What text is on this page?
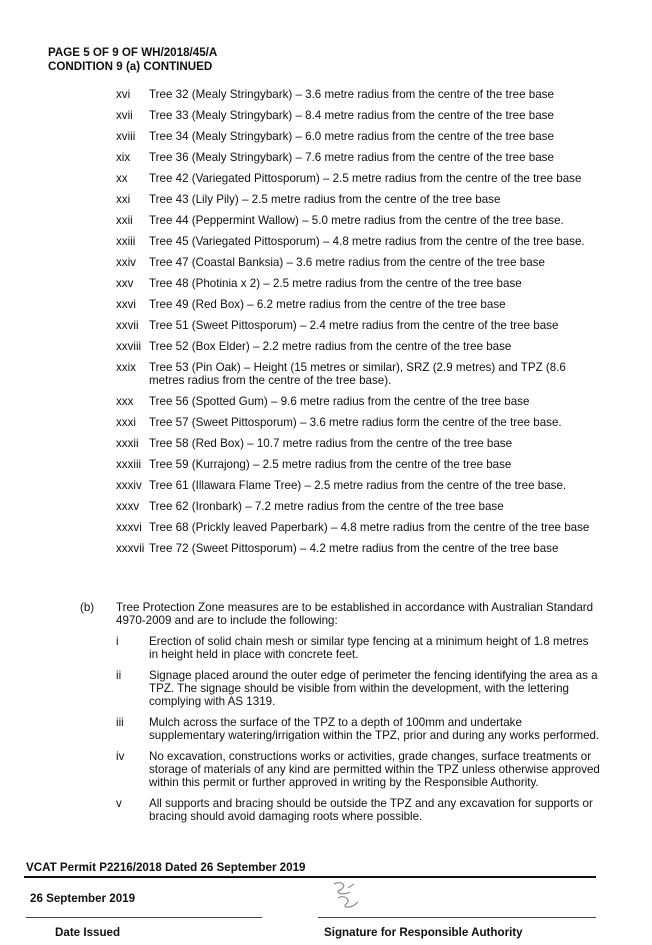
PAGE 5 OF 9 OF WH/2018/45/A
CONDITION 9 (a) CONTINUED
xvi	Tree 32 (Mealy Stringybark) – 3.6 metre radius from the centre of the tree base
xvii	Tree 33 (Mealy Stringybark) – 8.4 metre radius from the centre of the tree base
xviii	Tree 34 (Mealy Stringybark) – 6.0 metre radius from the centre of the tree base
xix	Tree 36 (Mealy Stringybark) – 7.6 metre radius from the centre of the tree base
xx	Tree 42 (Variegated Pittosporum) – 2.5 metre radius from the centre of the tree base
xxi	Tree 43 (Lily Pily) – 2.5 metre radius from the centre of the tree base
xxii	Tree 44 (Peppermint Wallow) – 5.0 metre radius from the centre of the tree base.
xxiii	Tree 45 (Variegated Pittosporum) – 4.8 metre radius from the centre of the tree base.
xxiv	Tree 47 (Coastal Banksia) – 3.6 metre radius from the centre of the tree base
xxv	Tree 48 (Photinia x 2) – 2.5 metre radius from the centre of the tree base
xxvi	Tree 49 (Red Box) – 6.2 metre radius from the centre of the tree base
xxvii Tree 51 (Sweet Pittosporum) – 2.4 metre radius from the centre of the tree base
xxviii Tree 52 (Box Elder) – 2.2 metre radius from the centre of the tree base
xxix	Tree 53 (Pin Oak) – Height (15 metres or similar), SRZ (2.9 metres) and TPZ (8.6 metres radius from the centre of the tree base).
xxx	Tree 56 (Spotted Gum) – 9.6 metre radius from the centre of the tree base
xxxi	Tree 57 (Sweet Pittosporum) – 3.6 metre radius form the centre of the tree base.
xxxii Tree 58 (Red Box) – 10.7 metre radius from the centre of the tree base
xxxiii Tree 59 (Kurrajong) – 2.5 metre radius from the centre of the tree base
xxxiv Tree 61 (Illawara Flame Tree) – 2.5 metre radius from the centre of the tree base.
xxxv Tree 62 (Ironbark) – 7.2 metre radius from the centre of the tree base
xxxvi Tree 68 (Prickly leaved Paperbark) – 4.8 metre radius from the centre of the tree base
xxxvii Tree 72 (Sweet Pittosporum) – 4.2 metre radius from the centre of the tree base
(b)	Tree Protection Zone measures are to be established in accordance with Australian Standard 4970-2009 and are to include the following:
i	Erection of solid chain mesh or similar type fencing at a minimum height of 1.8 metres in height held in place with concrete feet.
ii	Signage placed around the outer edge of perimeter the fencing identifying the area as a TPZ. The signage should be visible from within the development, with the lettering complying with AS 1319.
iii	Mulch across the surface of the TPZ to a depth of 100mm and undertake supplementary watering/irrigation within the TPZ, prior and during any works performed.
iv	No excavation, constructions works or activities, grade changes, surface treatments or storage of materials of any kind are permitted within the TPZ unless otherwise approved within this permit or further approved in writing by the Responsible Authority.
v	All supports and bracing should be outside the TPZ and any excavation for supports or bracing should avoid damaging roots where possible.
VCAT Permit P2216/2018 Dated 26 September 2019
26 September 2019
Date Issued	Signature for Responsible Authority
